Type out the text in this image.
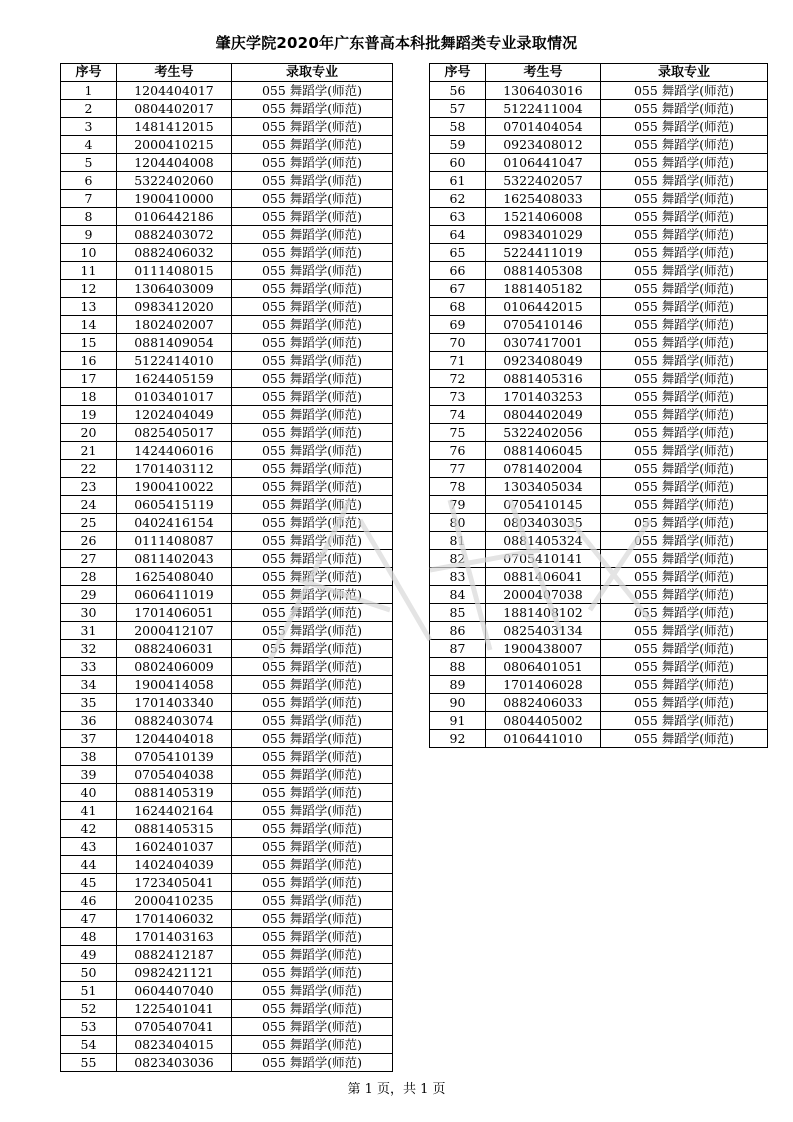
肇庆学院2020年广东普高本科批舞蹈类专业录取情况
序号	考生号	录取专业
1	1204404017	055 舞蹈学(师范)
2	0804402017	055 舞蹈学(师范)
3	1481412015	055 舞蹈学(师范)
4	2000410215	055 舞蹈学(师范)
5	1204404008	055 舞蹈学(师范)
6	5322402060	055 舞蹈学(师范)
7	1900410000	055 舞蹈学(师范)
8	0106442186	055 舞蹈学(师范)
9	0882403072	055 舞蹈学(师范)
10	0882406032	055 舞蹈学(师范)
11	0111408015	055 舞蹈学(师范)
12	1306403009	055 舞蹈学(师范)
13	0983412020	055 舞蹈学(师范)
14	1802402007	055 舞蹈学(师范)
15	0881409054	055 舞蹈学(师范)
16	5122414010	055 舞蹈学(师范)
17	1624405159	055 舞蹈学(师范)
18	0103401017	055 舞蹈学(师范)
19	1202404049	055 舞蹈学(师范)
20	0825405017	055 舞蹈学(师范)
21	1424406016	055 舞蹈学(师范)
22	1701403112	055 舞蹈学(师范)
23	1900410022	055 舞蹈学(师范)
24	0605415119	055 舞蹈学(师范)
25	0402416154	055 舞蹈学(师范)
26	0111408087	055 舞蹈学(师范)
27	0811402043	055 舞蹈学(师范)
28	1625408040	055 舞蹈学(师范)
29	0606411019	055 舞蹈学(师范)
30	1701406051	055 舞蹈学(师范)
31	2000412107	055 舞蹈学(师范)
32	0882406031	055 舞蹈学(师范)
33	0802406009	055 舞蹈学(师范)
34	1900414058	055 舞蹈学(师范)
35	1701403340	055 舞蹈学(师范)
36	0882403074	055 舞蹈学(师范)
37	1204404018	055 舞蹈学(师范)
38	0705410139	055 舞蹈学(师范)
39	0705404038	055 舞蹈学(师范)
40	0881405319	055 舞蹈学(师范)
41	1624402164	055 舞蹈学(师范)
42	0881405315	055 舞蹈学(师范)
43	1602401037	055 舞蹈学(师范)
44	1402404039	055 舞蹈学(师范)
45	1723405041	055 舞蹈学(师范)
46	2000410235	055 舞蹈学(师范)
47	1701406032	055 舞蹈学(师范)
48	1701403163	055 舞蹈学(师范)
49	0882412187	055 舞蹈学(师范)
50	0982421121	055 舞蹈学(师范)
51	0604407040	055 舞蹈学(师范)
52	1225401041	055 舞蹈学(师范)
53	0705407041	055 舞蹈学(师范)
54	0823404015	055 舞蹈学(师范)
55	0823403036	055 舞蹈学(师范)
序号	考生号	录取专业
56	1306403016	055 舞蹈学(师范)
57	5122411004	055 舞蹈学(师范)
58	0701404054	055 舞蹈学(师范)
59	0923408012	055 舞蹈学(师范)
60	0106441047	055 舞蹈学(师范)
61	5322402057	055 舞蹈学(师范)
62	1625408033	055 舞蹈学(师范)
63	1521406008	055 舞蹈学(师范)
64	0983401029	055 舞蹈学(师范)
65	5224411019	055 舞蹈学(师范)
66	0881405308	055 舞蹈学(师范)
67	1881405182	055 舞蹈学(师范)
68	0106442015	055 舞蹈学(师范)
69	0705410146	055 舞蹈学(师范)
70	0307417001	055 舞蹈学(师范)
71	0923408049	055 舞蹈学(师范)
72	0881405316	055 舞蹈学(师范)
73	1701403253	055 舞蹈学(师范)
74	0804402049	055 舞蹈学(师范)
75	5322402056	055 舞蹈学(师范)
76	0881406045	055 舞蹈学(师范)
77	0781402004	055 舞蹈学(师范)
78	1303405034	055 舞蹈学(师范)
79	0705410145	055 舞蹈学(师范)
80	0803403035	055 舞蹈学(师范)
81	0881405324	055 舞蹈学(师范)
82	0705410141	055 舞蹈学(师范)
83	0881406041	055 舞蹈学(师范)
84	2000407038	055 舞蹈学(师范)
85	1881408102	055 舞蹈学(师范)
86	0825403134	055 舞蹈学(师范)
87	1900438007	055 舞蹈学(师范)
88	0806401051	055 舞蹈学(师范)
89	1701406028	055 舞蹈学(师范)
90	0882406033	055 舞蹈学(师范)
91	0804405002	055 舞蹈学(师范)
92	0106441010	055 舞蹈学(师范)
第 1 页，共 1 页
